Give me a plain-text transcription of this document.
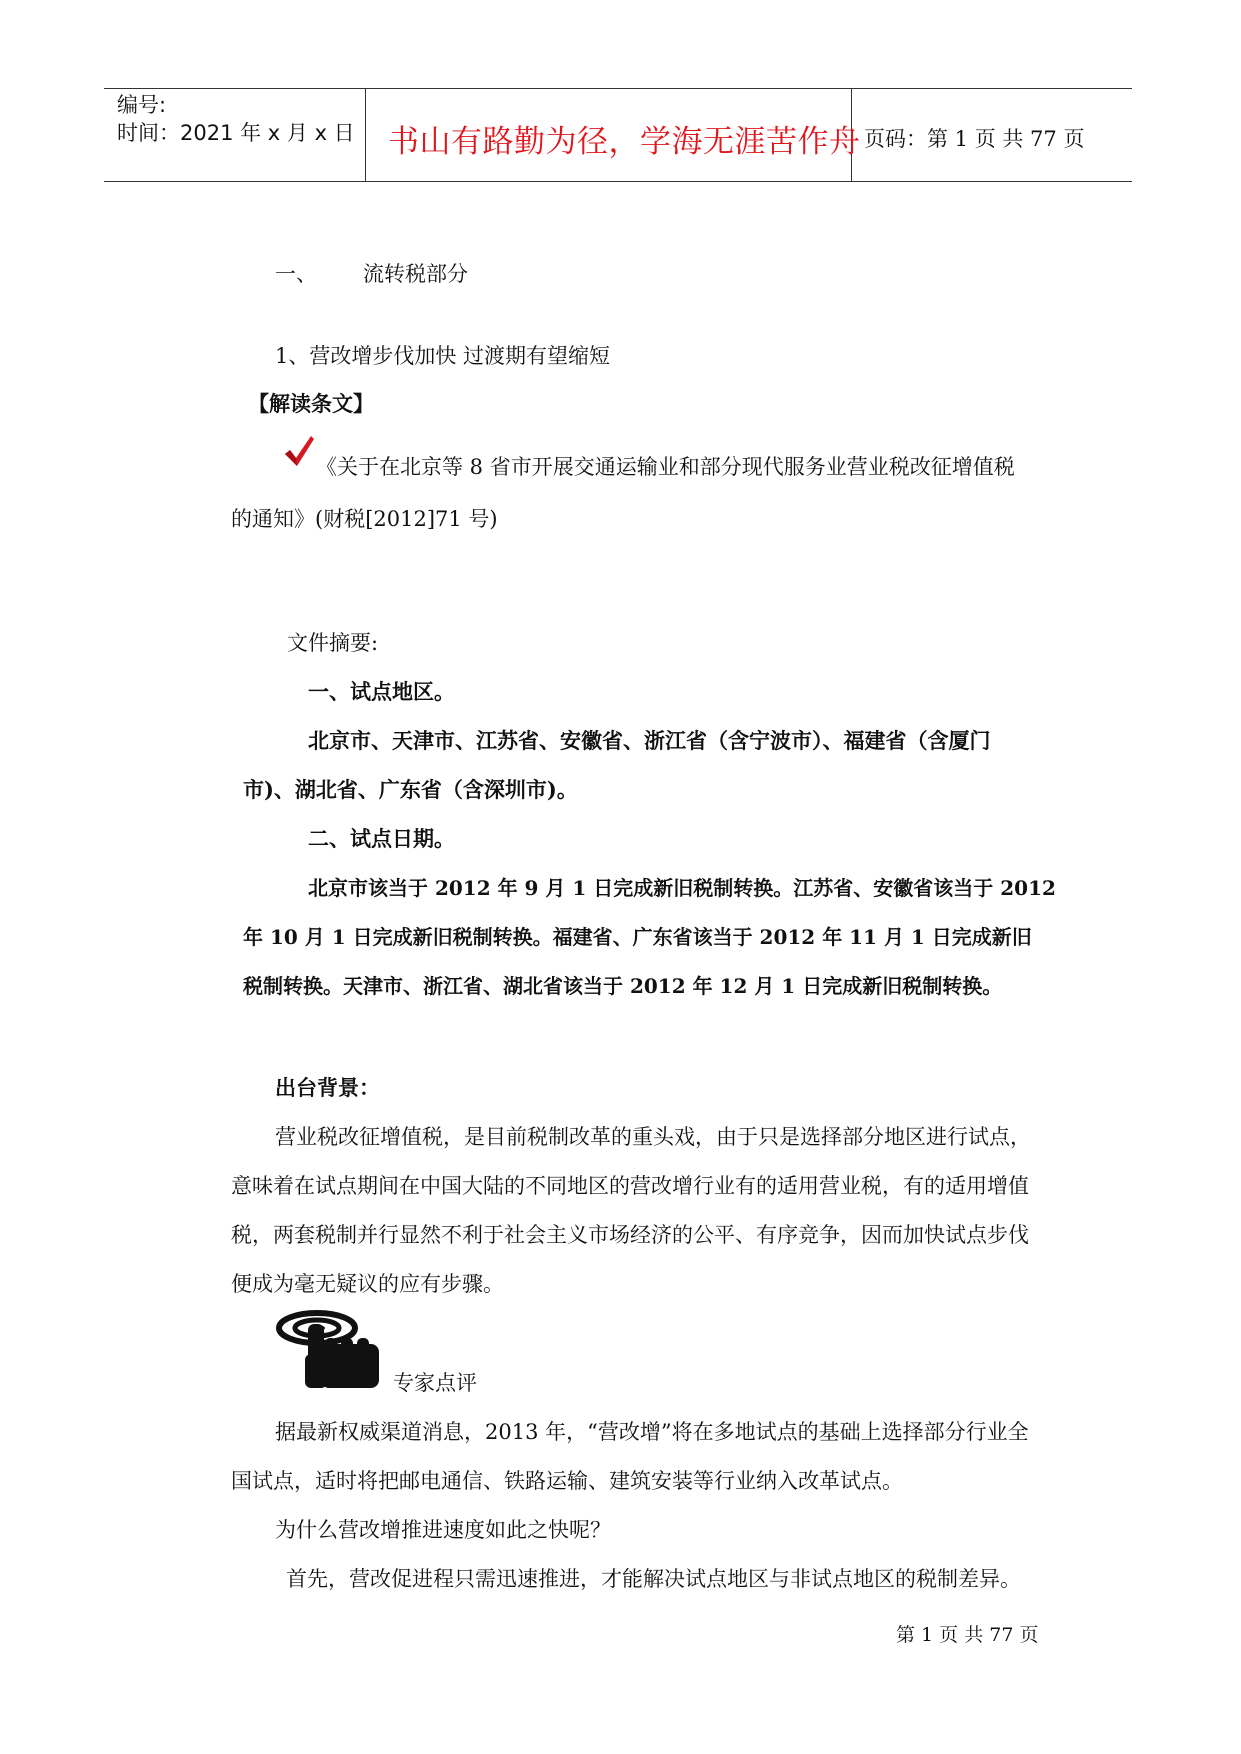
编号:
时间：2021 年 x 月 x 日 书山有路勤为径，学海无涯苦作舟 页码：第 1 页 共 77 页
一、 流转税部分
1、营改增步伐加快 过渡期有望缩短
【解读条文】
《关于在北京等 8 省市开展交通运输业和部分现代服务业营业税改征增值税
的通知》(财税[2012]71 号)
文件摘要:
一、试点地区。
北京市、天津市、江苏省、安徽省、浙江省（含宁波市）、福建省（含厦门
市)、湖北省、广东省（含深圳市)。
二、试点日期。
北京市该当于 2012 年 9 月 1 日完成新旧税制转换。江苏省、安徽省该当于 2012
年 10 月 1 日完成新旧税制转换。福建省、广东省该当于 2012 年 11 月 1 日完成新旧
税制转换。天津市、浙江省、湖北省该当于 2012 年 12 月 1 日完成新旧税制转换。
出台背景：
营业税改征增值税，是目前税制改革的重头戏，由于只是选择部分地区进行试点，
意味着在试点期间在中国大陆的不同地区的营改增行业有的适用营业税，有的适用增值
税，两套税制并行显然不利于社会主义市场经济的公平、有序竞争，因而加快试点步伐
便成为毫无疑议的应有步骤。
专家点评
据最新权威渠道消息，2013 年，“营改增”将在多地试点的基础上选择部分行业全
国试点，适时将把邮电通信、铁路运输、建筑安装等行业纳入改革试点。
为什么营改增推进速度如此之快呢？
首先，营改促进程只需迅速推进，才能解决试点地区与非试点地区的税制差异。
第 1 页 共 77 页
